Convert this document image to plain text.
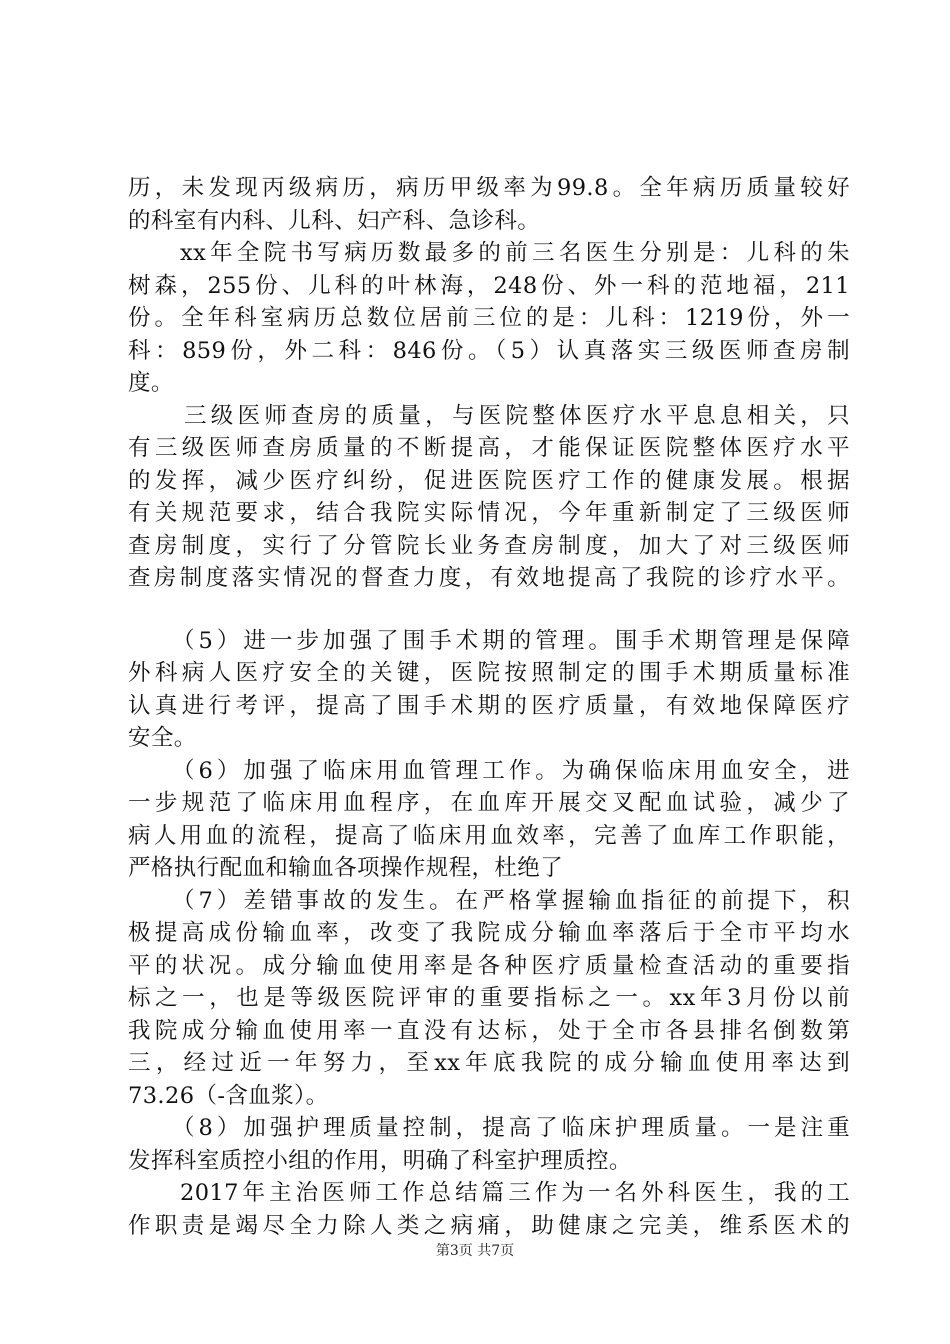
历，未发现丙级病历，病历甲级率为99.8。全年病历质量较好
的科室有内科、儿科、妇产科、急诊科。
xx年全院书写病历数最多的前三名医生分别是：儿科的朱
树森，255份、儿科的叶林海，248份、外一科的范地福，211
份。全年科室病历总数位居前三位的是：儿科：1219份，外一
科：859份，外二科：846份。（5）认真落实三级医师查房制
度。
三级医师查房的质量，与医院整体医疗水平息息相关，只
有三级医师查房质量的不断提高，才能保证医院整体医疗水平
的发挥，减少医疗纠纷，促进医院医疗工作的健康发展。根据
有关规范要求，结合我院实际情况，今年重新制定了三级医师
查房制度，实行了分管院长业务查房制度，加大了对三级医师
查房制度落实情况的督查力度，有效地提高了我院的诊疗水平。
（5）进一步加强了围手术期的管理。围手术期管理是保障
外科病人医疗安全的关键，医院按照制定的围手术期质量标准
认真进行考评，提高了围手术期的医疗质量，有效地保障医疗
安全。
（6）加强了临床用血管理工作。为确保临床用血安全，进
一步规范了临床用血程序，在血库开展交叉配血试验，减少了
病人用血的流程，提高了临床用血效率，完善了血库工作职能，
严格执行配血和输血各项操作规程，杜绝了
（7）差错事故的发生。在严格掌握输血指征的前提下，积
极提高成份输血率，改变了我院成分输血率落后于全市平均水
平的状况。成分输血使用率是各种医疗质量检查活动的重要指
标之一，也是等级医院评审的重要指标之一。xx年3月份以前
我院成分输血使用率一直没有达标，处于全市各县排名倒数第
三，经过近一年努力，至xx年底我院的成分输血使用率达到
73.26（-含血浆）。
（8）加强护理质量控制，提高了临床护理质量。一是注重
发挥科室质控小组的作用，明确了科室护理质控。
2017年主治医师工作总结篇三作为一名外科医生，我的工
作职责是竭尽全力除人类之病痛，助健康之完美，维系医术的
第3页 共7页
